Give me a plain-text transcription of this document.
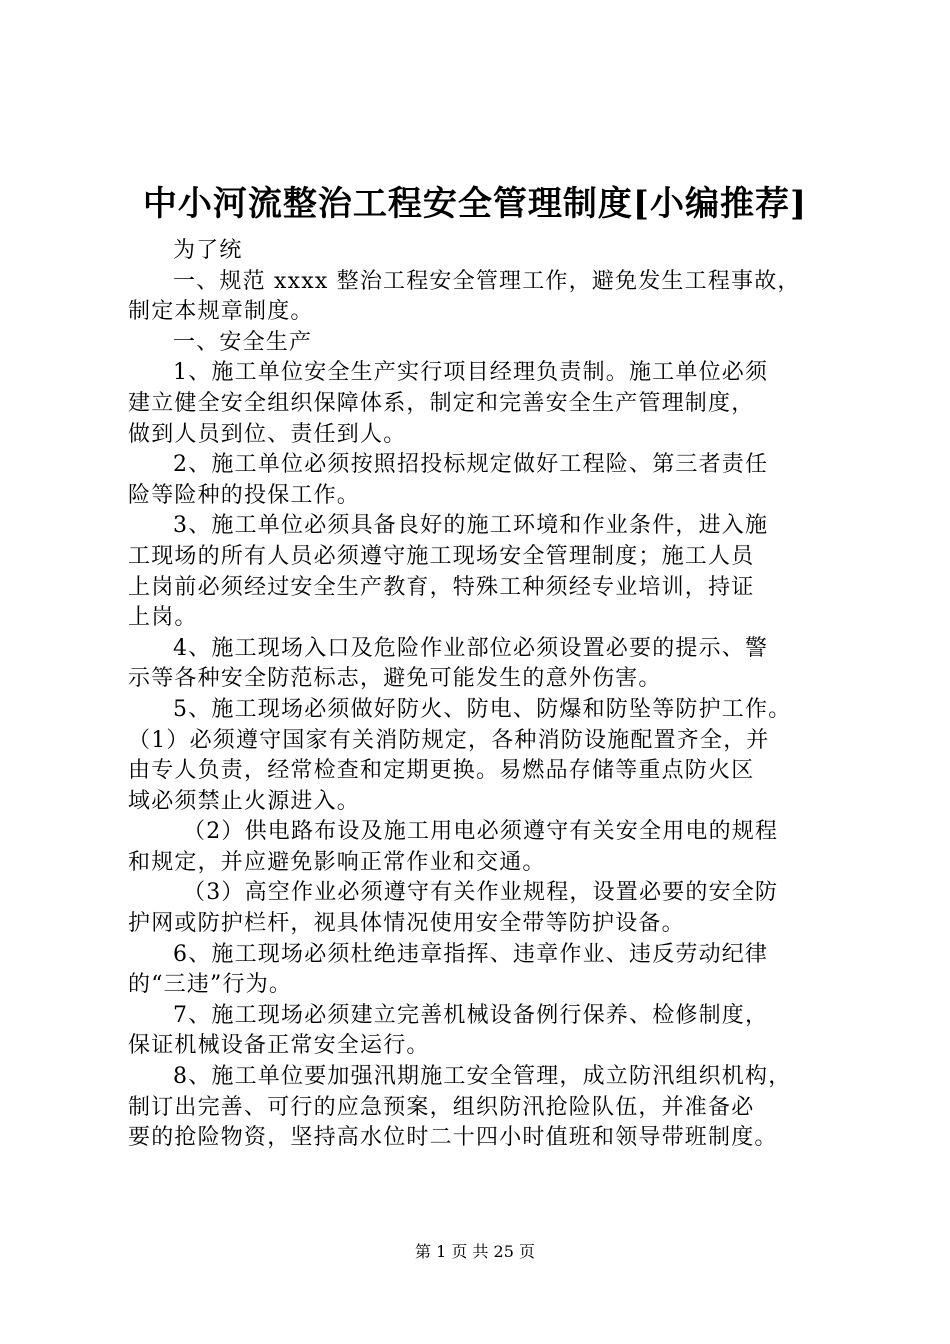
中小河流整治工程安全管理制度[小编推荐]
为了统
一、规范 xxxx 整治工程安全管理工作，避免发生工程事故，
制定本规章制度。
一、安全生产
1、施工单位安全生产实行项目经理负责制。施工单位必须
建立健全安全组织保障体系，制定和完善安全生产管理制度，
做到人员到位、责任到人。
2、施工单位必须按照招投标规定做好工程险、第三者责任
险等险种的投保工作。
3、施工单位必须具备良好的施工环境和作业条件，进入施
工现场的所有人员必须遵守施工现场安全管理制度；施工人员
上岗前必须经过安全生产教育，特殊工种须经专业培训，持证
上岗。
4、施工现场入口及危险作业部位必须设置必要的提示、警
示等各种安全防范标志，避免可能发生的意外伤害。
5、施工现场必须做好防火、防电、防爆和防坠等防护工作。
（1）必须遵守国家有关消防规定，各种消防设施配置齐全，并
由专人负责，经常检查和定期更换。易燃品存储等重点防火区
域必须禁止火源进入。
（2）供电路布设及施工用电必须遵守有关安全用电的规程
和规定，并应避免影响正常作业和交通。
（3）高空作业必须遵守有关作业规程，设置必要的安全防
护网或防护栏杆，视具体情况使用安全带等防护设备。
6、施工现场必须杜绝违章指挥、违章作业、违反劳动纪律
的“三违”行为。
7、施工现场必须建立完善机械设备例行保养、检修制度，
保证机械设备正常安全运行。
8、施工单位要加强汛期施工安全管理，成立防汛组织机构，
制订出完善、可行的应急预案，组织防汛抢险队伍，并准备必
要的抢险物资，坚持高水位时二十四小时值班和领导带班制度。
第 1 页 共 25 页
